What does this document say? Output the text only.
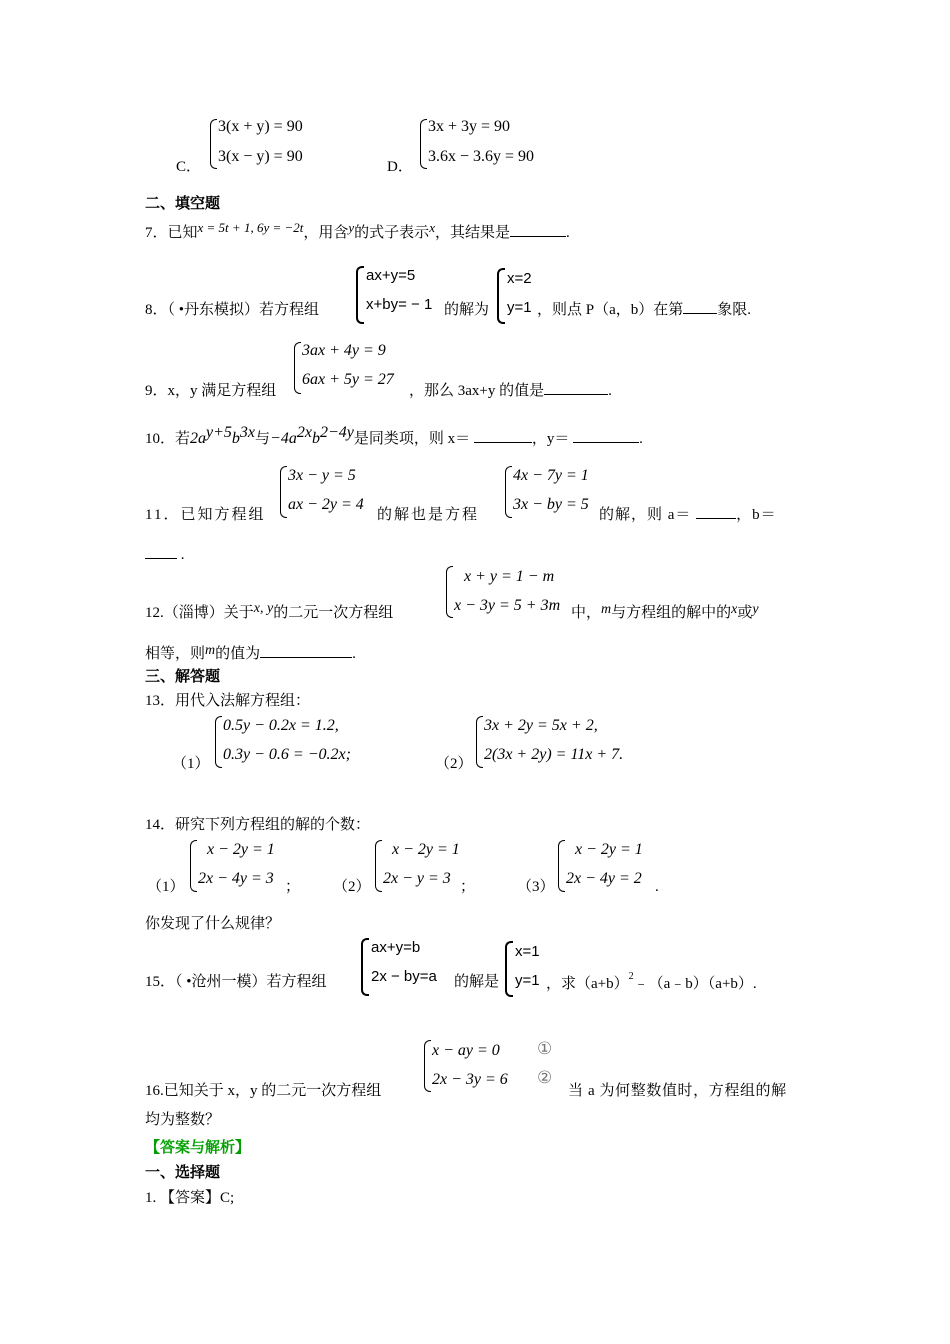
3(x + y) = 90
3(x − y) = 90
C．
3x + 3y = 90
3.6x − 3.6y = 90
D．
二、填空题
7．已知x = 5t + 1, 6y = −2t，用含y的式子表示x，其结果是	.
ax+y=5
x+by= − 1
8．（ •丹东模拟）若方程组	的解为
x=2
y=1 ，则点 P（a，b）在第 象限.
3ax + 4y = 9
6ax + 5y = 27
9．x，y 满足方程组	，那么 3ax+y 的值是	.
10．若$2a^{y+5}b^{3x}$与$-4a^{2x}b^{2-4y}$是同类项，则 x＝	，y＝	.
3x − y = 5
ax − 2y = 4
11．已知方程组	的解也是方程
4x − 7y = 1
3x − by = 5
的解，则 a＝	，b＝
.
x + y = 1 − m
x − 3y = 5 + 3m
12.（淄博）关于x, y的二元一次方程组	中，m与方程组的解中的x或y
相等，则m的值为	.
三、解答题
13．用代入法解方程组：
0.5y − 0.2x = 1.2,
0.3y − 0.6 = −0.2x;
（1）
3x + 2y = 5x + 2,
2(3x + 2y) = 11x + 7.
（2）
14．研究下列方程组的解的个数：
x − 2y = 1
2x − 4y = 3
（1）	；
x − 2y = 1
2x − y = 3
（2）	；
x − 2y = 1
2x − 4y = 2
（3）	.
你发现了什么规律？
ax+y=b
2x − by=a
15．（ •沧州一模）若方程组	的解是
x=1
y=1 ，求$(a+b)^2﹣(a﹣b)(a+b)$.
x − ay = 0 ①
2x − 3y = 6 ②
16.已知关于 x，y 的二元一次方程组	当 a 为何整数值时，方程组的解
均为整数？
【答案与解析】
一、选择题
1. 【答案】C;
